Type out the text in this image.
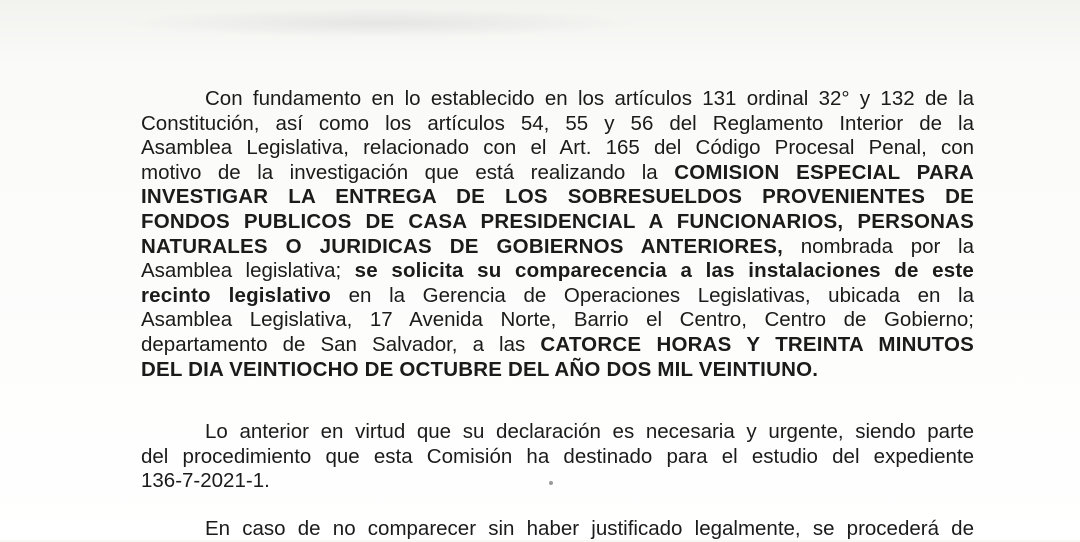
Con fundamento en lo establecido en los artículos 131 ordinal 32° y 132 de la
Constitución, así como los artículos 54, 55 y 56 del Reglamento Interior de la
Asamblea Legislativa, relacionado con el Art. 165 del Código Procesal Penal, con
motivo de la investigación que está realizando la COMISION ESPECIAL PARA
INVESTIGAR LA ENTREGA DE LOS SOBRESUELDOS PROVENIENTES DE
FONDOS PUBLICOS DE CASA PRESIDENCIAL A FUNCIONARIOS, PERSONAS
NATURALES O JURIDICAS DE GOBIERNOS ANTERIORES, nombrada por la
Asamblea legislativa; se solicita su comparecencia a las instalaciones de este
recinto legislativo en la Gerencia de Operaciones Legislativas, ubicada en la
Asamblea Legislativa, 17 Avenida Norte, Barrio el Centro, Centro de Gobierno;
departamento de San Salvador, a las CATORCE HORAS Y TREINTA MINUTOS
DEL DIA VEINTIOCHO DE OCTUBRE DEL AÑO DOS MIL VEINTIUNO.
Lo anterior en virtud que su declaración es necesaria y urgente, siendo parte
del procedimiento que esta Comisión ha destinado para el estudio del expediente
136-7-2021-1.
En caso de no comparecer sin haber justificado legalmente, se procederá de
